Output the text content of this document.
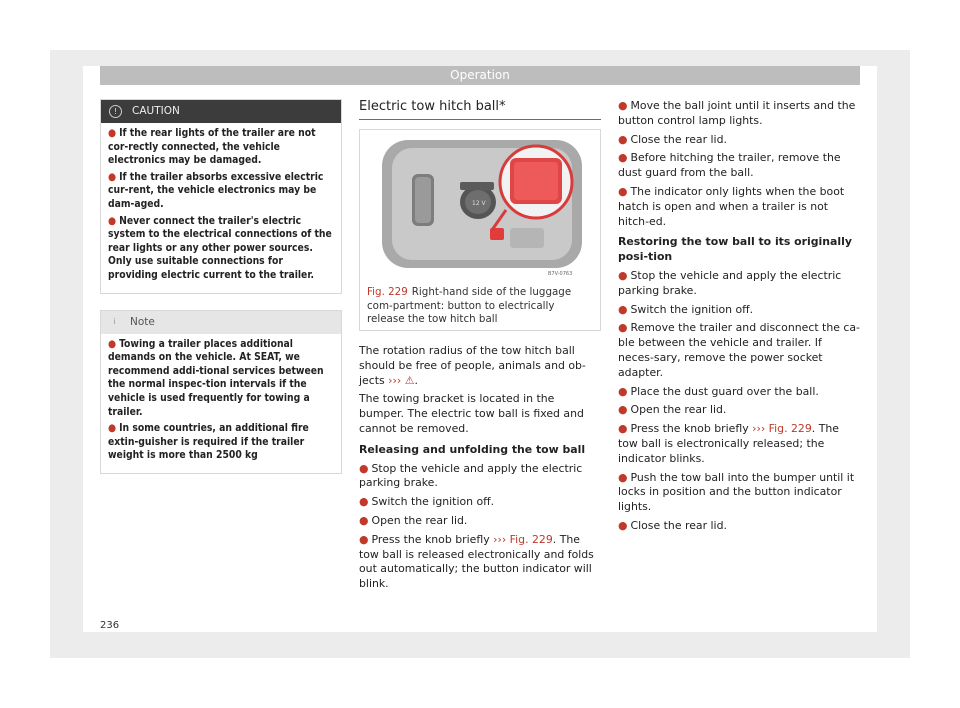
Operation
! CAUTION

● If the rear lights of the trailer are not cor-rectly connected, the vehicle electronics may be damaged.

● If the trailer absorbs excessive electric cur-rent, the vehicle electronics may be dam-aged.

● Never connect the trailer's electric system to the electrical connections of the rear lights or any other power sources. Only use suitable connections for providing electric current to the trailer.

i Note

● Towing a trailer places additional demands on the vehicle. At SEAT, we recommend addi-tional services between the normal inspec-tion intervals if the vehicle is used frequently for towing a trailer.

● In some countries, an additional fire extin-guisher is required if the trailer weight is more than 2500 kg

Electric tow hitch ball*
12 V
B7V-0763
Fig. 229 Right-hand side of the luggage com-partment: button to electrically release the tow hitch ball

The rotation radius of the tow hitch ball should be free of people, animals and ob-jects ››› ⚠.

The towing bracket is located in the bumper. The electric tow ball is fixed and cannot be removed.

Releasing and unfolding the tow ball

● Stop the vehicle and apply the electric parking brake.

● Switch the ignition off.

● Open the rear lid.

● Press the knob briefly ››› Fig. 229. The tow ball is released electronically and folds out automatically; the button indicator will blink.

● Move the ball joint until it inserts and the button control lamp lights.

● Close the rear lid.

● Before hitching the trailer, remove the dust guard from the ball.

● The indicator only lights when the boot hatch is open and when a trailer is not hitch-ed.

Restoring the tow ball to its originally posi-tion

● Stop the vehicle and apply the electric parking brake.

● Switch the ignition off.

● Remove the trailer and disconnect the ca-ble between the vehicle and trailer. If neces-sary, remove the power socket adapter.

● Place the dust guard over the ball.

● Open the rear lid.

● Press the knob briefly ››› Fig. 229. The tow ball is electronically released; the indicator blinks.

● Push the tow ball into the bumper until it locks in position and the button indicator lights.

● Close the rear lid.

236
